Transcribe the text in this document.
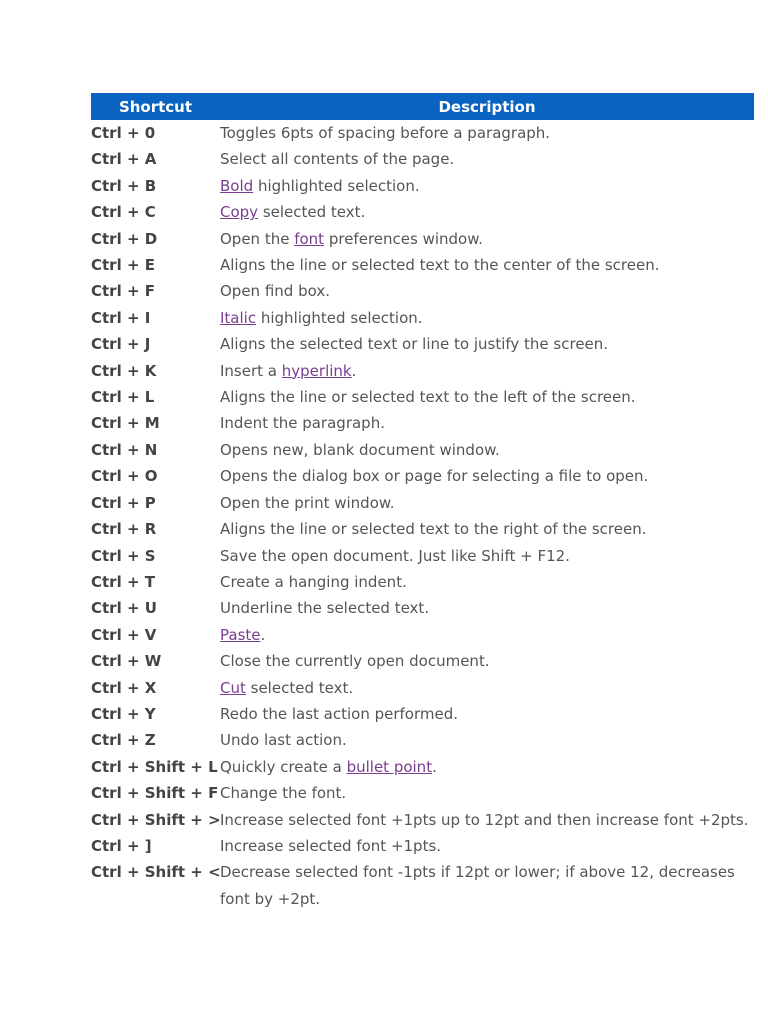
Shortcut	Description
Ctrl + 0	Toggles 6pts of spacing before a paragraph.
Ctrl + A	Select all contents of the page.
Ctrl + B	Bold highlighted selection.
Ctrl + C	Copy selected text.
Ctrl + D	Open the font preferences window.
Ctrl + E	Aligns the line or selected text to the center of the screen.
Ctrl + F	Open find box.
Ctrl + I	Italic highlighted selection.
Ctrl + J	Aligns the selected text or line to justify the screen.
Ctrl + K	Insert a hyperlink.
Ctrl + L	Aligns the line or selected text to the left of the screen.
Ctrl + M	Indent the paragraph.
Ctrl + N	Opens new, blank document window.
Ctrl + O	Opens the dialog box or page for selecting a file to open.
Ctrl + P	Open the print window.
Ctrl + R	Aligns the line or selected text to the right of the screen.
Ctrl + S	Save the open document. Just like Shift + F12.
Ctrl + T	Create a hanging indent.
Ctrl + U	Underline the selected text.
Ctrl + V	Paste.
Ctrl + W	Close the currently open document.
Ctrl + X	Cut selected text.
Ctrl + Y	Redo the last action performed.
Ctrl + Z	Undo last action.
Ctrl + Shift + L	Quickly create a bullet point.
Ctrl + Shift + F	Change the font.
Ctrl + Shift + >	Increase selected font +1pts up to 12pt and then increase font +2pts.
Ctrl + ]	Increase selected font +1pts.
Ctrl + Shift + <	Decrease selected font -1pts if 12pt or lower; if above 12, decreases font by +2pt.
